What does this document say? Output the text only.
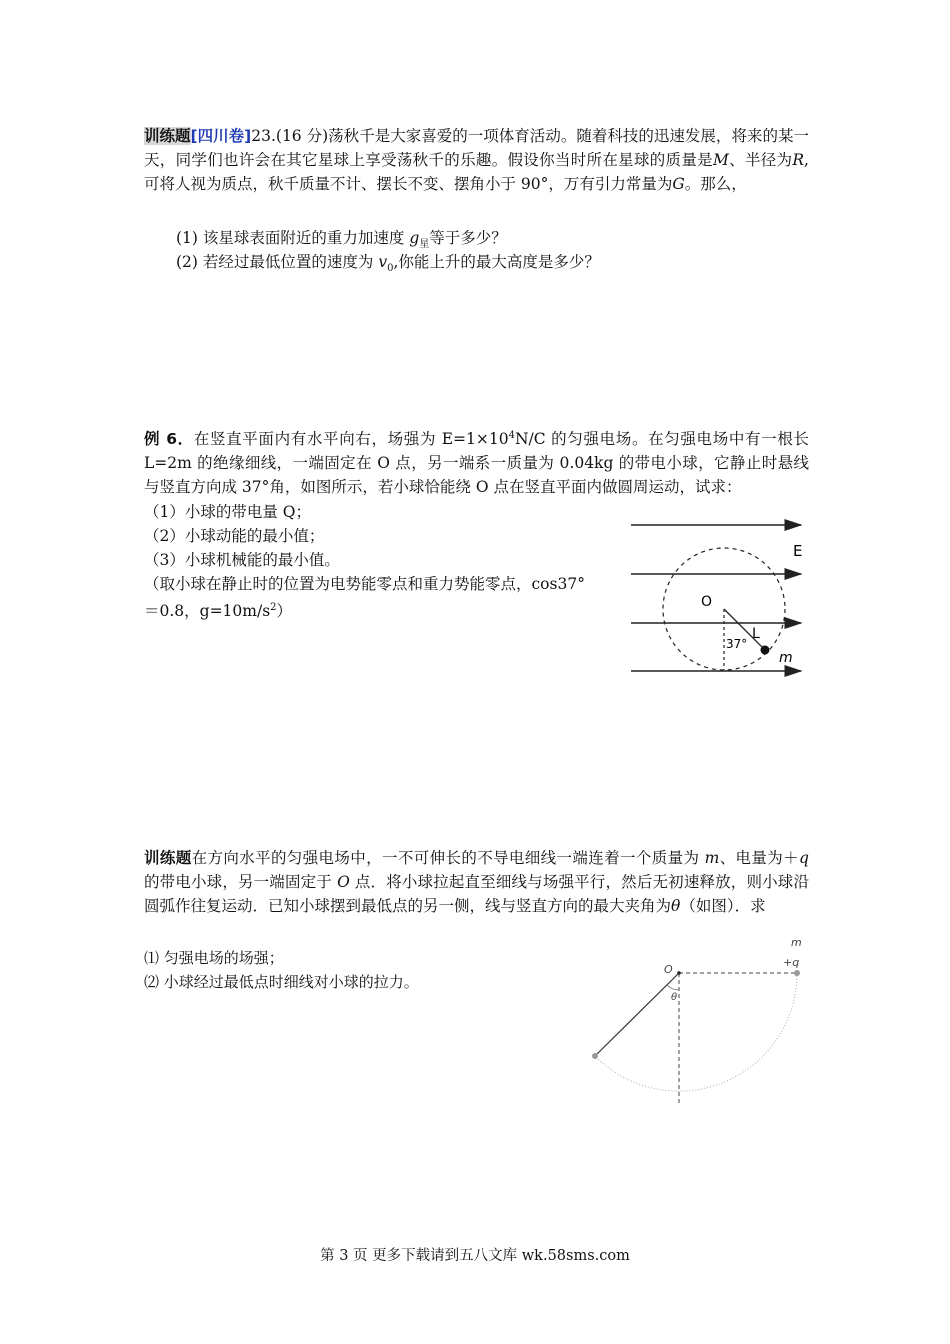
训练题[四川卷]23.(16 分)荡秋千是大家喜爱的一项体育活动。随着科技的迅速发展，将来的某一天，同学们也许会在其它星球上享受荡秋千的乐趣。假设你当时所在星球的质量是M、半径为R,可将人视为质点，秋千质量不计、摆长不变、摆角小于 90°，万有引力常量为G。那么，
(1) 该星球表面附近的重力加速度 $g_星$等于多少？
(2) 若经过最低位置的速度为 $v_0$,你能上升的最大高度是多少？
例 6．在竖直平面内有水平向右，场强为 $E=1\times 10^4N/C$ 的匀强电场。在匀强电场中有一根长L=2m 的绝缘细线，一端固定在 O 点，另一端系一质量为 0.04kg 的带电小球，它静止时悬线与竖直方向成 37°角，如图所示，若小球恰能绕 O 点在竖直平面内做圆周运动，试求：
（1）小球的带电量 Q；
（2）小球动能的最小值；
（3）小球机械能的最小值。
（取小球在静止时的位置为电势能零点和重力势能零点，cos37°
＝0.8，$g=10m/s^2$）
E
O
L
37°
m
训练题在方向水平的匀强电场中，一不可伸长的不导电细线一端连着一个质量为 m、电量为＋q 的带电小球，另一端固定于 O 点．将小球拉起直至细线与场强平行，然后无初速释放，则小球沿圆弧作往复运动．已知小球摆到最低点的另一侧，线与竖直方向的最大夹角为θ（如图）．求
⑴ 匀强电场的场强；
⑵ 小球经过最低点时细线对小球的拉力。
m
+q
O
θ
第 3 页 更多下载请到五八文库 wk.58sms.com
